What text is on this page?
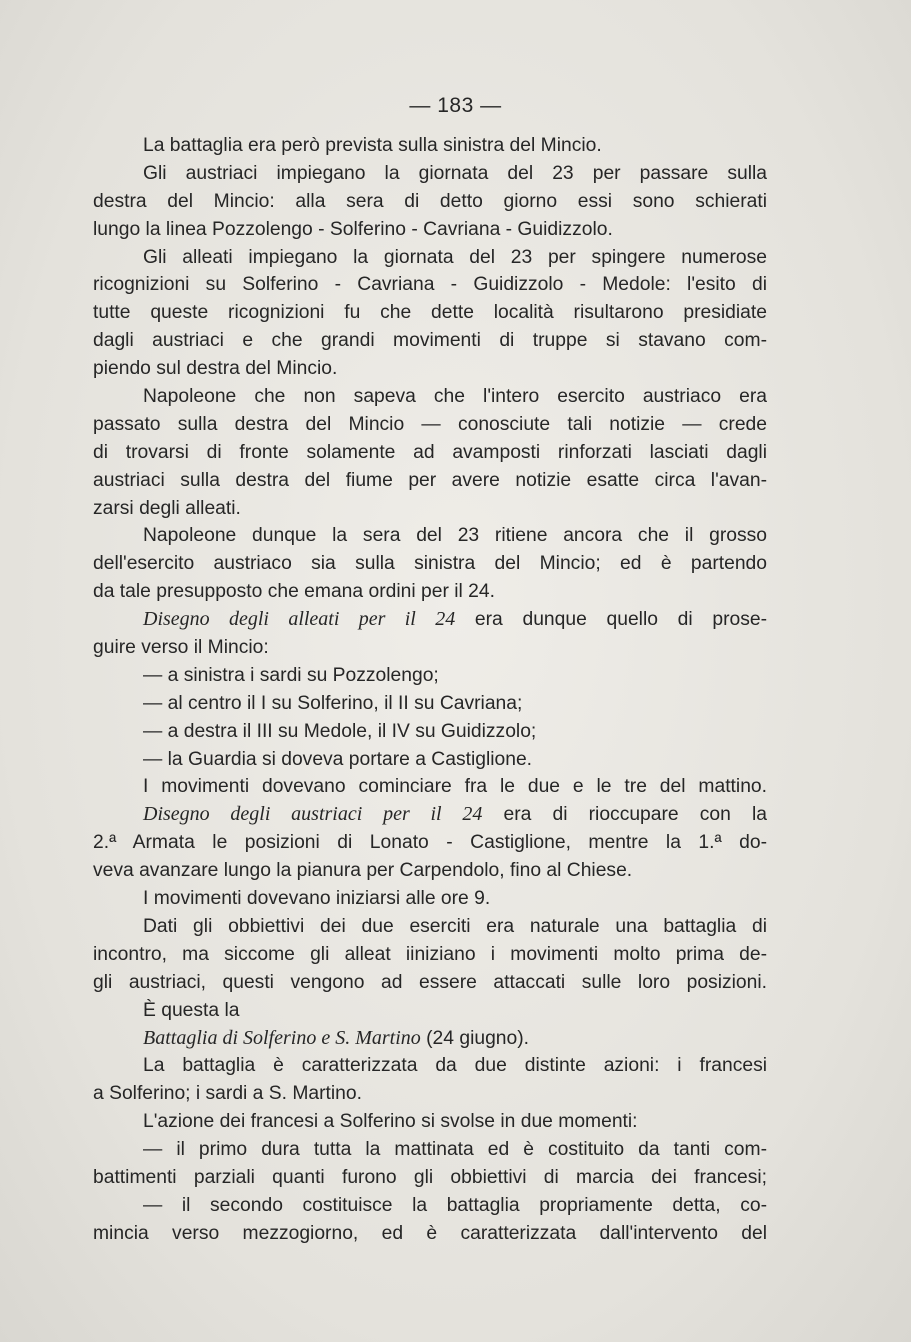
— 183 —
La battaglia era però prevista sulla sinistra del Mincio.
Gli austriaci impiegano la giornata del 23 per passare sulla
destra del Mincio: alla sera di detto giorno essi sono schierati
lungo la linea Pozzolengo - Solferino - Cavriana - Guidizzolo.
Gli alleati impiegano la giornata del 23 per spingere numerose
ricognizioni su Solferino - Cavriana - Guidizzolo - Medole: l'esito di
tutte queste ricognizioni fu che dette località risultarono presidiate
dagli austriaci e che grandi movimenti di truppe si stavano com-
piendo sul destra del Mincio.
Napoleone che non sapeva che l'intero esercito austriaco era
passato sulla destra del Mincio — conosciute tali notizie — crede
di trovarsi di fronte solamente ad avamposti rinforzati lasciati dagli
austriaci sulla destra del fiume per avere notizie esatte circa l'avan-
zarsi degli alleati.
Napoleone dunque la sera del 23 ritiene ancora che il grosso
dell'esercito austriaco sia sulla sinistra del Mincio; ed è partendo
da tale presupposto che emana ordini per il 24.
Disegno degli alleati per il 24 era dunque quello di prose-
guire verso il Mincio:
— a sinistra i sardi su Pozzolengo;
— al centro il I su Solferino, il II su Cavriana;
— a destra il III su Medole, il IV su Guidizzolo;
— la Guardia si doveva portare a Castiglione.
I movimenti dovevano cominciare fra le due e le tre del mattino.
Disegno degli austriaci per il 24 era di rioccupare con la
2.ª Armata le posizioni di Lonato - Castiglione, mentre la 1.ª do-
veva avanzare lungo la pianura per Carpendolo, fino al Chiese.
I movimenti dovevano iniziarsi alle ore 9.
Dati gli obbiettivi dei due eserciti era naturale una battaglia di
incontro, ma siccome gli alleat iiniziano i movimenti molto prima de-
gli austriaci, questi vengono ad essere attaccati sulle loro posizioni.
È questa la
Battaglia di Solferino e S. Martino (24 giugno).
La battaglia è caratterizzata da due distinte azioni: i francesi
a Solferino; i sardi a S. Martino.
L'azione dei francesi a Solferino si svolse in due momenti:
— il primo dura tutta la mattinata ed è costituito da tanti com-
battimenti parziali quanti furono gli obbiettivi di marcia dei francesi;
— il secondo costituisce la battaglia propriamente detta, co-
mincia verso mezzogiorno, ed è caratterizzata dall'intervento del
